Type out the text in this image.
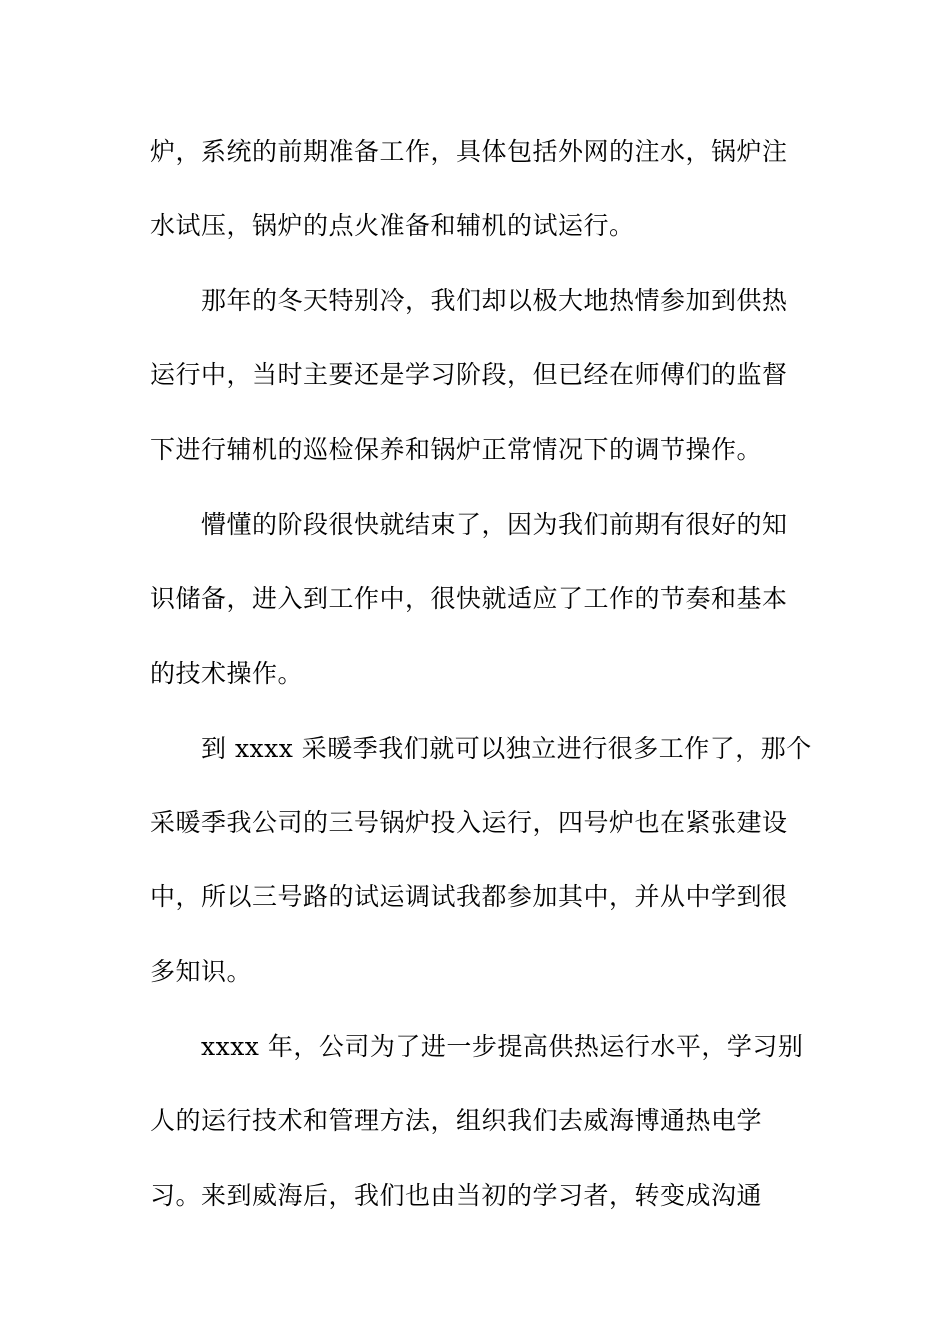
炉，系统的前期准备工作，具体包括外网的注水，锅炉注
水试压，锅炉的点火准备和辅机的试运行。
那年的冬天特别冷，我们却以极大地热情参加到供热
运行中，当时主要还是学习阶段，但已经在师傅们的监督
下进行辅机的巡检保养和锅炉正常情况下的调节操作。
懵懂的阶段很快就结束了，因为我们前期有很好的知
识储备，进入到工作中，很快就适应了工作的节奏和基本
的技术操作。
到 xxxx 采暖季我们就可以独立进行很多工作了，那个
采暖季我公司的三号锅炉投入运行，四号炉也在紧张建设
中，所以三号路的试运调试我都参加其中，并从中学到很
多知识。
xxxx 年，公司为了进一步提高供热运行水平，学习别
人的运行技术和管理方法，组织我们去威海博通热电学
习。来到威海后，我们也由当初的学习者，转变成沟通
